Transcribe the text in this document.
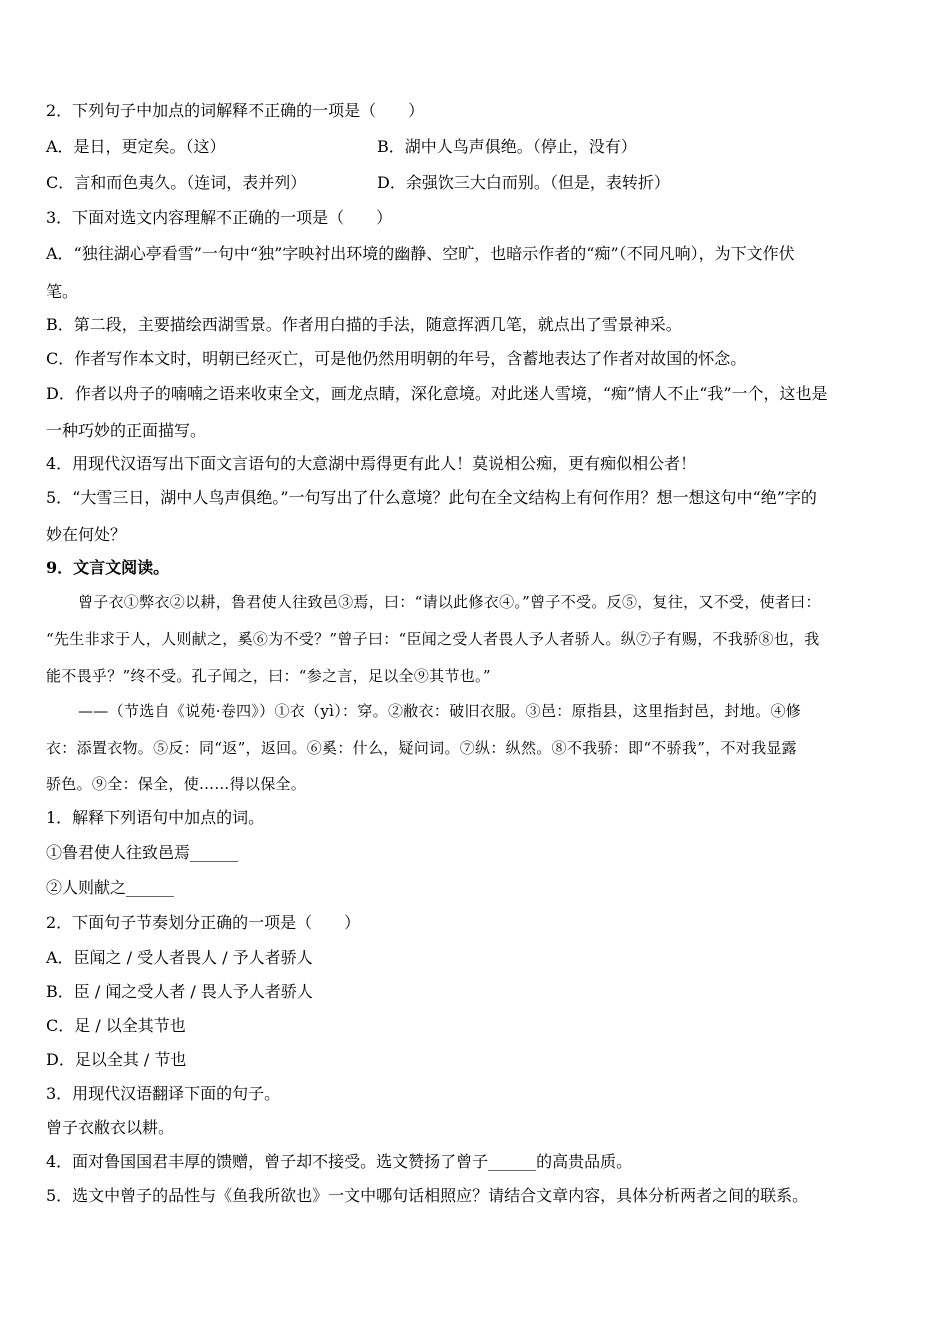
2．下列句子中加点的词解释不正确的一项是（　　）
A．是日，更定矣。（这）	B．湖中人鸟声俱绝。（停止，没有）
C．言和而色夷久。（连词，表并列）	D．余强饮三大白而别。（但是，表转折）
3．下面对选文内容理解不正确的一项是（　　）
A．“独往湖心亭看雪”一句中“独”字映衬出环境的幽静、空旷，也暗示作者的“痴”（不同凡响），为下文作伏
笔。
B．第二段，主要描绘西湖雪景。作者用白描的手法，随意挥洒几笔，就点出了雪景神采。
C．作者写作本文时，明朝已经灭亡，可是他仍然用明朝的年号，含蓄地表达了作者对故国的怀念。
D．作者以舟子的喃喃之语来收束全文，画龙点睛，深化意境。对此迷人雪境，“痴”情人不止“我”一个，这也是
一种巧妙的正面描写。
4．用现代汉语写出下面文言语句的大意湖中焉得更有此人！莫说相公痴，更有痴似相公者！
5．“大雪三日，湖中人鸟声俱绝。”一句写出了什么意境？此句在全文结构上有何作用？想一想这句中“绝”字的
妙在何处？
9．文言文阅读。
曾子衣①弊衣②以耕，鲁君使人往致邑③焉，曰：“请以此修衣④。”曾子不受。反⑤，复往，又不受，使者曰：
“先生非求于人，人则献之，奚⑥为不受？”曾子曰：“臣闻之受人者畏人予人者骄人。纵⑦子有赐，不我骄⑧也，我
能不畏乎？”终不受。孔子闻之，曰：“参之言，足以全⑨其节也。”
——（节选自《说苑·卷四》）①衣（yì）：穿。②敝衣：破旧衣服。③邑：原指县，这里指封邑，封地。④修
衣：添置衣物。⑤反：同“返”，返回。⑥奚：什么，疑问词。⑦纵：纵然。⑧不我骄：即“不骄我”，不对我显露
骄色。⑨全：保全，使……得以保全。
1．解释下列语句中加点的词。
①鲁君使人往致邑焉______
②人则献之______
2．下面句子节奏划分正确的一项是（　　）
A．臣闻之 / 受人者畏人 / 予人者骄人
B．臣 / 闻之受人者 / 畏人予人者骄人
C．足 / 以全其节也
D．足以全其 / 节也
3．用现代汉语翻译下面的句子。
曾子衣敝衣以耕。
4．面对鲁国国君丰厚的馈赠，曾子却不接受。选文赞扬了曾子______的高贵品质。
5．选文中曾子的品性与《鱼我所欲也》一文中哪句话相照应？请结合文章内容，具体分析两者之间的联系。
